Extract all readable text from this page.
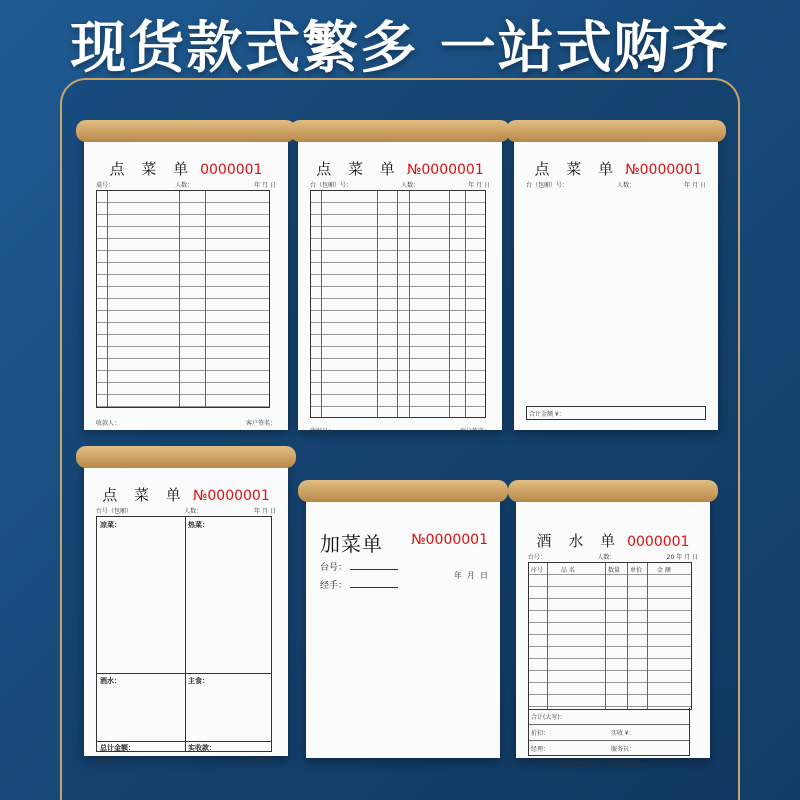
现货款式繁多 一站式购齐
点 菜 单 0000001
桌号：	人数：	年 月 日
收款人：	客户签名：
点 菜 单 №0000001
台（包厢）号：	人数：	年 月 日
收银员：	客户签字：
点 菜 单 №0000001
台（包厢）号：	人数：	年 月 日
合计金额 ¥：
点 菜 单 №0000001
台号（包厢）	人数：	年 月 日
凉菜：	热菜：
酒水：	主食：
总计金额：	实收款：
收银员：	客户签字：
加菜单 №0000001
台号：
年  月  日
经手：
酒 水 单 0000001
台号：	人数：	20 年 月 日
序号	品 名	数量 单价 金 额
合计(大写)：
折扣：	实收 ¥：
经理：	服务员：
第一联 吧台(白)    第二联 收银(红)
